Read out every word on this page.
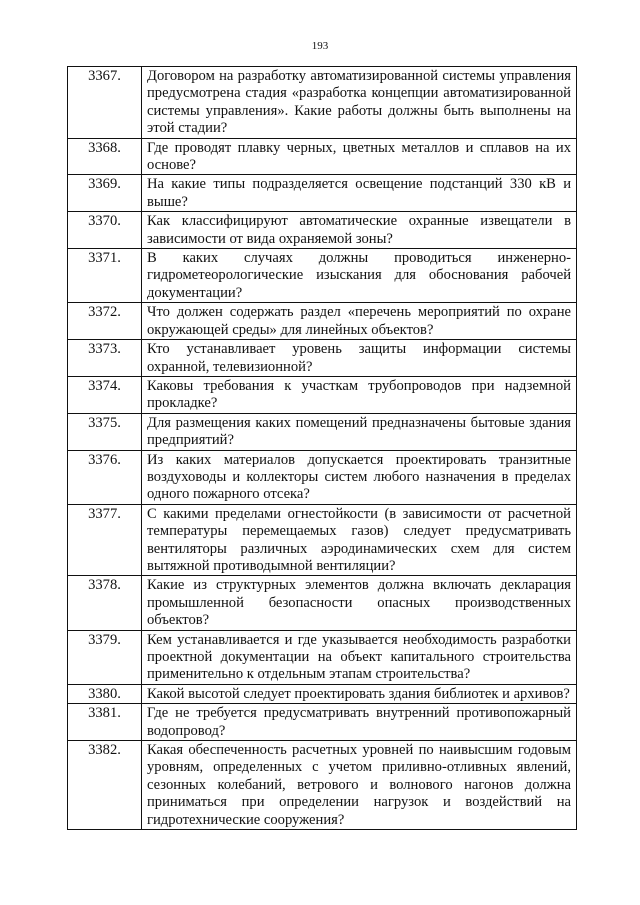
193
3367.	Договором на разработку автоматизированной системы управления предусмотрена стадия «разработка концепции автоматизированной системы управления». Какие работы должны быть выполнены на этой стадии?
3368.	Где проводят плавку черных, цветных металлов и сплавов на их основе?
3369.	На какие типы подразделяется освещение подстанций 330 кВ и выше?
3370.	Как классифицируют автоматические охранные извещатели в зависимости от вида охраняемой зоны?
3371.	В каких случаях должны проводиться инженерно-гидрометеорологические изыскания для обоснования рабочей документации?
3372.	Что должен содержать раздел «перечень мероприятий по охране окружающей среды» для линейных объектов?
3373.	Кто устанавливает уровень защиты информации системы охранной, телевизионной?
3374.	Каковы требования к участкам трубопроводов при надземной прокладке?
3375.	Для размещения каких помещений предназначены бытовые здания предприятий?
3376.	Из каких материалов допускается проектировать транзитные воздуховоды и коллекторы систем любого назначения в пределах одного пожарного отсека?
3377.	С какими пределами огнестойкости (в зависимости от расчетной температуры перемещаемых газов) следует предусматривать вентиляторы различных аэродинамических схем для систем вытяжной противодымной вентиляции?
3378.	Какие из структурных элементов должна включать декларация промышленной безопасности опасных производственных объектов?
3379.	Кем устанавливается и где указывается необходимость разработки проектной документации на объект капитального строительства применительно к отдельным этапам строительства?
3380.	Какой высотой следует проектировать здания библиотек и архивов?
3381.	Где не требуется предусматривать внутренний противопожарный водопровод?
3382.	Какая обеспеченность расчетных уровней по наивысшим годовым уровням, определенных с учетом приливно-отливных явлений, сезонных колебаний, ветрового и волнового нагонов должна приниматься при определении нагрузок и воздействий на гидротехнические сооружения?
